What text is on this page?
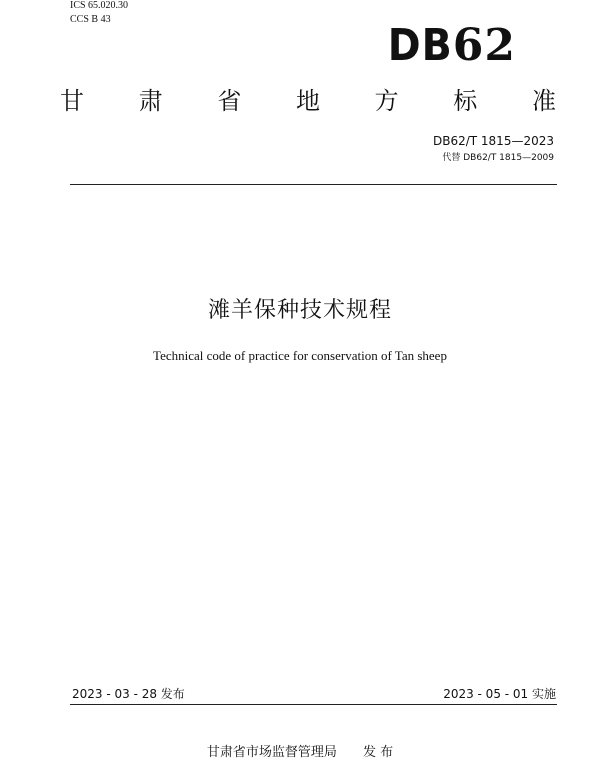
ICS 65.020.30
CCS B 43
DB62
甘 肃 省 地 方 标 准
DB62/T 1815—2023
代替 DB62/T 1815—2009
滩羊保种技术规程
Technical code of practice for conservation of Tan sheep
2023 - 03 - 28 发布	2023 - 05 - 01 实施
甘肃省市场监督管理局 发 布
